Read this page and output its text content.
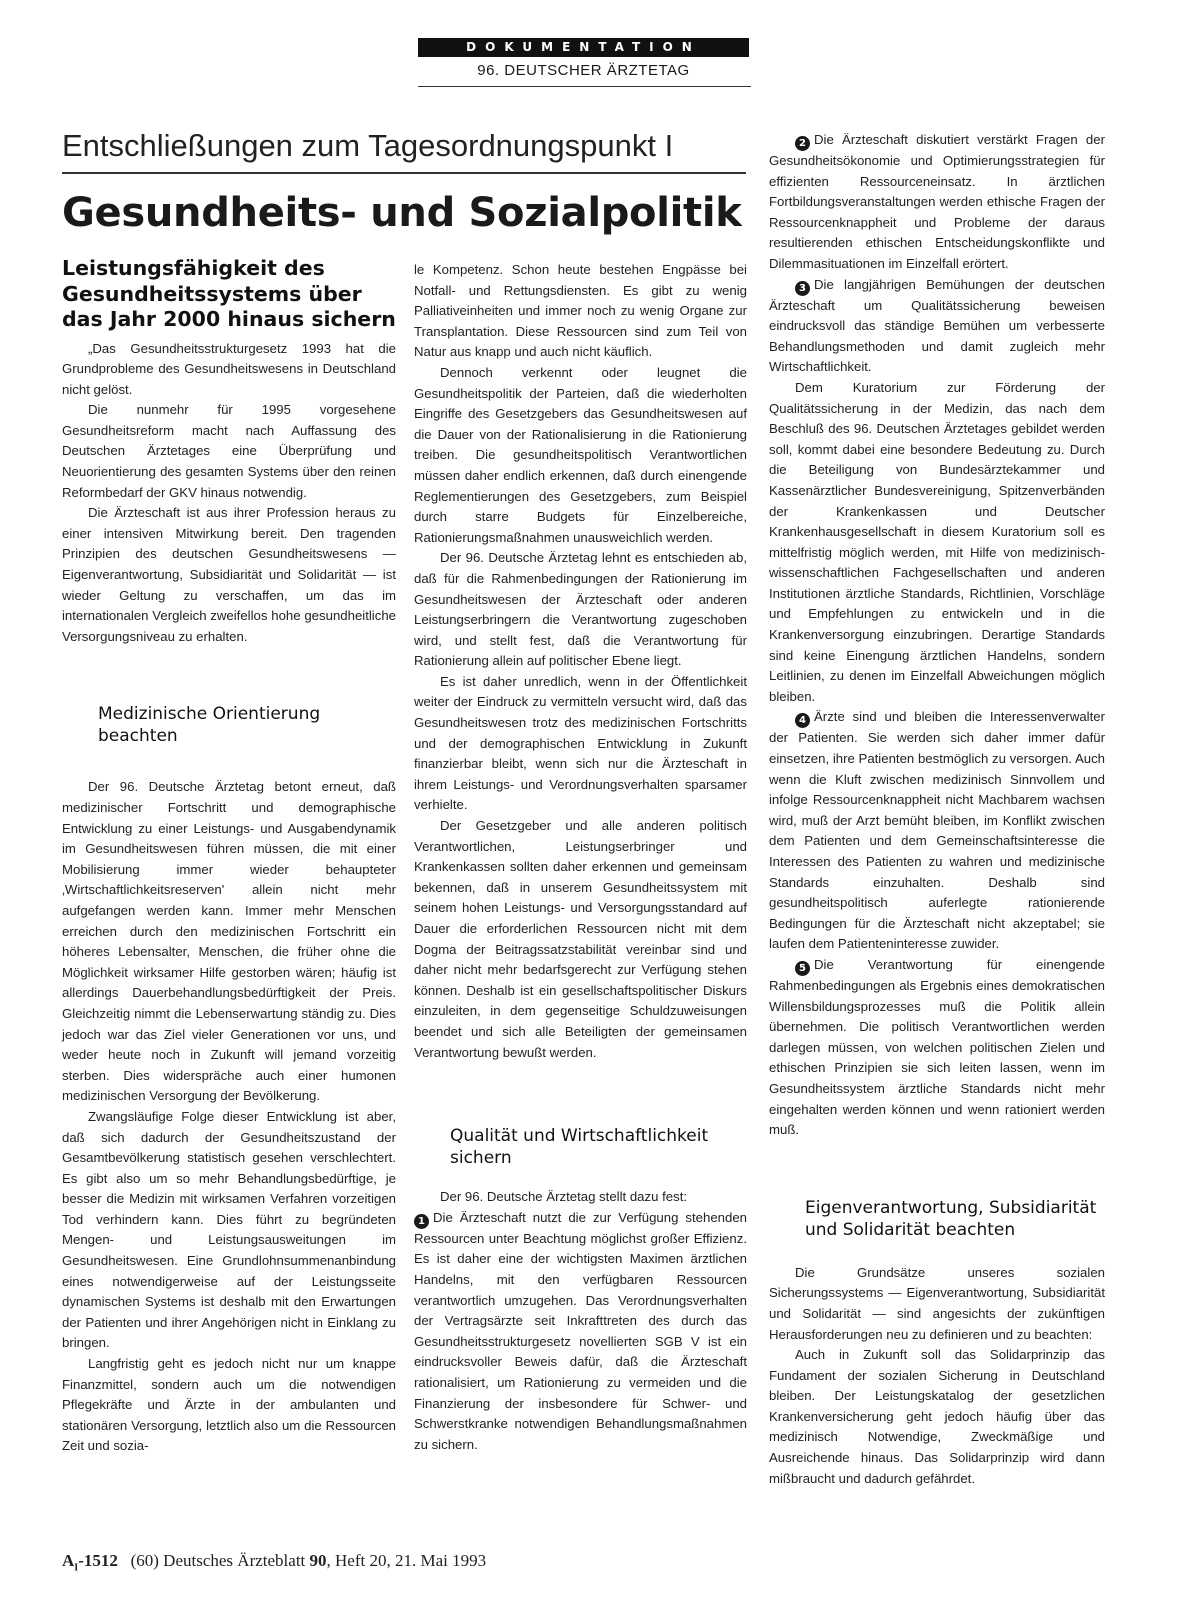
DOKUMENTATION
96. DEUTSCHER ÄRZTETAG
Entschließungen zum Tagesordnungspunkt I
Gesundheits- und Sozialpolitik
Leistungsfähigkeit des Gesundheitssystems über das Jahr 2000 hinaus sichern

„Das Gesundheitsstrukturgesetz 1993 hat die Grundprobleme des Gesundheitswesens in Deutschland nicht gelöst.

Die nunmehr für 1995 vorgesehene Gesundheitsreform macht nach Auffassung des Deutschen Ärztetages eine Überprüfung und Neuorientierung des gesamten Systems über den reinen Reformbedarf der GKV hinaus notwendig.

Die Ärzteschaft ist aus ihrer Profession heraus zu einer intensiven Mitwirkung bereit. Den tragenden Prinzipien des deutschen Gesundheitswesens — Eigenverantwortung, Subsidiarität und Solidarität — ist wieder Geltung zu verschaffen, um das im internationalen Vergleich zweifellos hohe gesundheitliche Versorgungsniveau zu erhalten.

Medizinische Orientierung beachten

Der 96. Deutsche Ärztetag betont erneut, daß medizinischer Fortschritt und demographische Entwicklung zu einer Leistungs- und Ausgabendynamik im Gesundheitswesen führen müssen, die mit einer Mobilisierung immer wieder behaupteter ‚Wirtschaftlichkeitsreserven' allein nicht mehr aufgefangen werden kann. Immer mehr Menschen erreichen durch den medizinischen Fortschritt ein höheres Lebensalter, Menschen, die früher ohne die Möglichkeit wirksamer Hilfe gestorben wären; häufig ist allerdings Dauerbehandlungsbedürftigkeit der Preis. Gleichzeitig nimmt die Lebenserwartung ständig zu. Dies jedoch war das Ziel vieler Generationen vor uns, und weder heute noch in Zukunft will jemand vorzeitig sterben. Dies widerspräche auch einer humonen medizinischen Versorgung der Bevölkerung.

Zwangsläufige Folge dieser Entwicklung ist aber, daß sich dadurch der Gesundheitszustand der Gesamtbevölkerung statistisch gesehen verschlechtert. Es gibt also um so mehr Behandlungsbedürftige, je besser die Medizin mit wirksamen Verfahren vorzeitigen Tod verhindern kann. Dies führt zu begründeten Mengen- und Leistungsausweitungen im Gesundheitswesen. Eine Grundlohnsummenanbindung eines notwendigerweise auf der Leistungsseite dynamischen Systems ist deshalb mit den Erwartungen der Patienten und ihrer Angehörigen nicht in Einklang zu bringen.

Langfristig geht es jedoch nicht nur um knappe Finanzmittel, sondern auch um die notwendigen Pflegekräfte und Ärzte in der ambulanten und stationären Versorgung, letztlich also um die Ressourcen Zeit und sozia-

le Kompetenz. Schon heute bestehen Engpässe bei Notfall- und Rettungsdiensten. Es gibt zu wenig Palliativeinheiten und immer noch zu wenig Organe zur Transplantation. Diese Ressourcen sind zum Teil von Natur aus knapp und auch nicht käuflich.

Dennoch verkennt oder leugnet die Gesundheitspolitik der Parteien, daß die wiederholten Eingriffe des Gesetzgebers das Gesundheitswesen auf die Dauer von der Rationalisierung in die Rationierung treiben. Die gesundheitspolitisch Verantwortlichen müssen daher endlich erkennen, daß durch einengende Reglementierungen des Gesetzgebers, zum Beispiel durch starre Budgets für Einzelbereiche, Rationierungsmaßnahmen unausweichlich werden.

Der 96. Deutsche Ärztetag lehnt es entschieden ab, daß für die Rahmenbedingungen der Rationierung im Gesundheitswesen der Ärzteschaft oder anderen Leistungserbringern die Verantwortung zugeschoben wird, und stellt fest, daß die Verantwortung für Rationierung allein auf politischer Ebene liegt.

Es ist daher unredlich, wenn in der Öffentlichkeit weiter der Eindruck zu vermitteln versucht wird, daß das Gesundheitswesen trotz des medizinischen Fortschritts und der demographischen Entwicklung in Zukunft finanzierbar bleibt, wenn sich nur die Ärzteschaft in ihrem Leistungs- und Verordnungsverhalten sparsamer verhielte.

Der Gesetzgeber und alle anderen politisch Verantwortlichen, Leistungserbringer und Krankenkassen sollten daher erkennen und gemeinsam bekennen, daß in unserem Gesundheitssystem mit seinem hohen Leistungs- und Versorgungsstandard auf Dauer die erforderlichen Ressourcen nicht mit dem Dogma der Beitragssatzstabilität vereinbar sind und daher nicht mehr bedarfsgerecht zur Verfügung stehen können. Deshalb ist ein gesellschaftspolitischer Diskurs einzuleiten, in dem gegenseitige Schuldzuweisungen beendet und sich alle Beteiligten der gemeinsamen Verantwortung bewußt werden.

Qualität und Wirtschaftlichkeit sichern

Der 96. Deutsche Ärztetag stellt dazu fest:

1 Die Ärzteschaft nutzt die zur Verfügung stehenden Ressourcen unter Beachtung möglichst großer Effizienz. Es ist daher eine der wichtigsten Maximen ärztlichen Handelns, mit den verfügbaren Ressourcen verantwortlich umzugehen. Das Verordnungsverhalten der Vertragsärzte seit Inkrafttreten des durch das Gesundheitsstrukturgesetz novellierten SGB V ist ein eindrucksvoller Beweis dafür, daß die Ärzteschaft rationalisiert, um Rationierung zu vermeiden und die Finanzierung der insbesondere für Schwer- und Schwerstkranke notwendigen Behandlungsmaßnahmen zu sichern.

2 Die Ärzteschaft diskutiert verstärkt Fragen der Gesundheitsökonomie und Optimierungsstrategien für effizienten Ressourceneinsatz. In ärztlichen Fortbildungsveranstaltungen werden ethische Fragen der Ressourcenknappheit und Probleme der daraus resultierenden ethischen Entscheidungskonflikte und Dilemmasituationen im Einzelfall erörtert.

3 Die langjährigen Bemühungen der deutschen Ärzteschaft um Qualitätssicherung beweisen eindrucksvoll das ständige Bemühen um verbesserte Behandlungsmethoden und damit zugleich mehr Wirtschaftlichkeit.

Dem Kuratorium zur Förderung der Qualitätssicherung in der Medizin, das nach dem Beschluß des 96. Deutschen Ärztetages gebildet werden soll, kommt dabei eine besondere Bedeutung zu. Durch die Beteiligung von Bundesärztekammer und Kassenärztlicher Bundesvereinigung, Spitzenverbänden der Krankenkassen und Deutscher Krankenhausgesellschaft in diesem Kuratorium soll es mittelfristig möglich werden, mit Hilfe von medizinisch-wissenschaftlichen Fachgesellschaften und anderen Institutionen ärztliche Standards, Richtlinien, Vorschläge und Empfehlungen zu entwickeln und in die Krankenversorgung einzubringen. Derartige Standards sind keine Einengung ärztlichen Handelns, sondern Leitlinien, zu denen im Einzelfall Abweichungen möglich bleiben.

4 Ärzte sind und bleiben die Interessenverwalter der Patienten. Sie werden sich daher immer dafür einsetzen, ihre Patienten bestmöglich zu versorgen. Auch wenn die Kluft zwischen medizinisch Sinnvollem und infolge Ressourcenknappheit nicht Machbarem wachsen wird, muß der Arzt bemüht bleiben, im Konflikt zwischen dem Patienten und dem Gemeinschaftsinteresse die Interessen des Patienten zu wahren und medizinische Standards einzuhalten. Deshalb sind gesundheitspolitisch auferlegte rationierende Bedingungen für die Ärzteschaft nicht akzeptabel; sie laufen dem Patienteninteresse zuwider.

5 Die Verantwortung für einengende Rahmenbedingungen als Ergebnis eines demokratischen Willensbildungsprozesses muß die Politik allein übernehmen. Die politisch Verantwortlichen werden darlegen müssen, von welchen politischen Zielen und ethischen Prinzipien sie sich leiten lassen, wenn im Gesundheitssystem ärztliche Standards nicht mehr eingehalten werden können und wenn rationiert werden muß.

Eigenverantwortung, Subsidiarität und Solidarität beachten

Die Grundsätze unseres sozialen Sicherungssystems — Eigenverantwortung, Subsidiarität und Solidarität — sind angesichts der zukünftigen Herausforderungen neu zu definieren und zu beachten:

Auch in Zukunft soll das Solidarprinzip das Fundament der sozialen Sicherung in Deutschland bleiben. Der Leistungskatalog der gesetzlichen Krankenversicherung geht jedoch häufig über das medizinisch Notwendige, Zweckmäßige und Ausreichende hinaus. Das Solidarprinzip wird dann mißbraucht und dadurch gefährdet.

$A_I-1512$ (60) Deutsches Ärzteblatt 90, Heft 20, 21. Mai 1993
